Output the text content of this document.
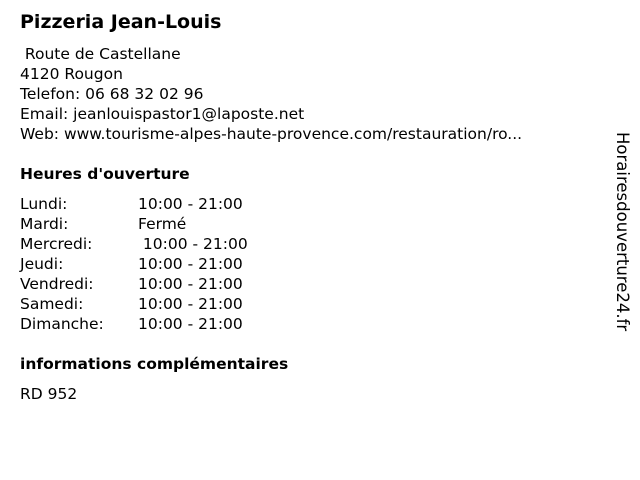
Pizzeria Jean-Louis
Route de Castellane
4120 Rougon
Telefon: 06 68 32 02 96
Email: jeanlouispastor1@laposte.net
Web: www.tourisme-alpes-haute-provence.com/restauration/ro...
Heures d'ouverture
Lundi:	10:00 - 21:00
Mardi:	Fermé
Mercredi:	10:00 - 21:00
Jeudi:	10:00 - 21:00
Vendredi:	10:00 - 21:00
Samedi:	10:00 - 21:00
Dimanche: 10:00 - 21:00
informations complémentaires
RD 952
Horairesdouverture24.fr
